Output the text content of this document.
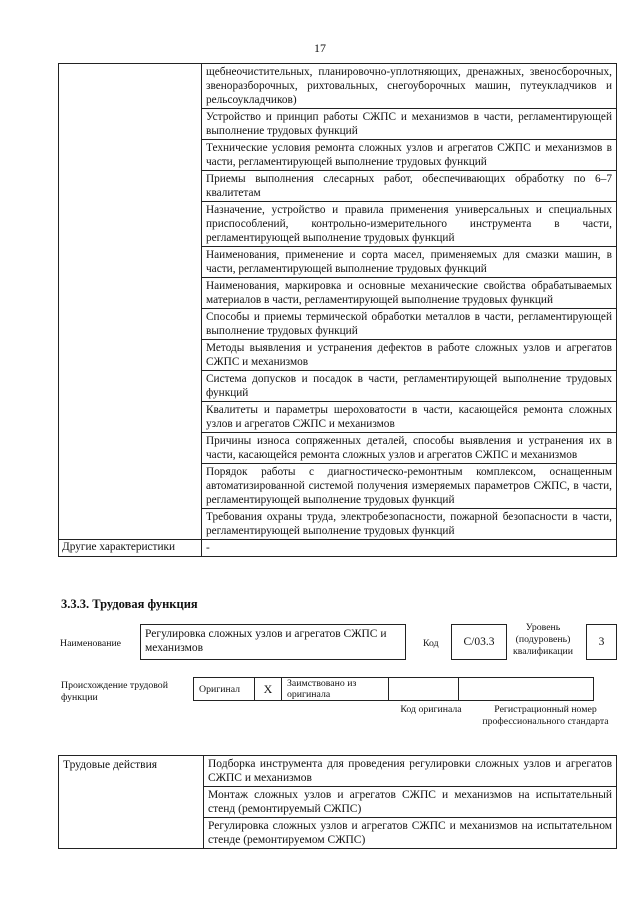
17
	щебнеочистительных, планировочно-уплотняющих, дренажных, звеносборочных, звеноразборочных, рихтовальных, снегоуборочных машин, путеукладчиков и рельсоукладчиков)
	Устройство и принцип работы СЖПС и механизмов в части, регламентирующей выполнение трудовых функций
	Технические условия ремонта сложных узлов и агрегатов СЖПС и механизмов в части, регламентирующей выполнение трудовых функций
	Приемы выполнения слесарных работ, обеспечивающих обработку по 6–7 квалитетам
	Назначение, устройство и правила применения универсальных и специальных приспособлений, контрольно-измерительного инструмента в части, регламентирующей выполнение трудовых функций
	Наименования, применение и сорта масел, применяемых для смазки машин, в части, регламентирующей выполнение трудовых функций
	Наименования, маркировка и основные механические свойства обрабатываемых материалов в части, регламентирующей выполнение трудовых функций
	Способы и приемы термической обработки металлов в части, регламентирующей выполнение трудовых функций
	Методы выявления и устранения дефектов в работе сложных узлов и агрегатов СЖПС и механизмов
	Система допусков и посадок в части, регламентирующей выполнение трудовых функций
	Квалитеты и параметры шероховатости в части, касающейся ремонта сложных узлов и агрегатов СЖПС и механизмов
	Причины износа сопряженных деталей, способы выявления и устранения их в части, касающейся ремонта сложных узлов и агрегатов СЖПС и механизмов
	Порядок работы с диагностическо-ремонтным комплексом, оснащенным автоматизированной системой получения измеряемых параметров СЖПС, в части, регламентирующей выполнение трудовых функций
	Требования охраны труда, электробезопасности, пожарной безопасности в части, регламентирующей выполнение трудовых функций
Другие характеристики	-
3.3.3. Трудовая функция
Наименование
Регулировка сложных узлов и агрегатов СЖПС и механизмов	Код	С/03.3
Уровень (подуровень) квалификации
3
Происхождение трудовой функции
Оригинал	X	Заимствовано из оригинала		
Код оригинала	Регистрационный номер профессионального стандарта
Трудовые действия	Подборка инструмента для проведения регулировки сложных узлов и агрегатов СЖПС и механизмов
Монтаж сложных узлов и агрегатов СЖПС и механизмов на испытательный стенд (ремонтируемый СЖПС)
Регулировка сложных узлов и агрегатов СЖПС и механизмов на испытательном стенде (ремонтируемом СЖПС)
